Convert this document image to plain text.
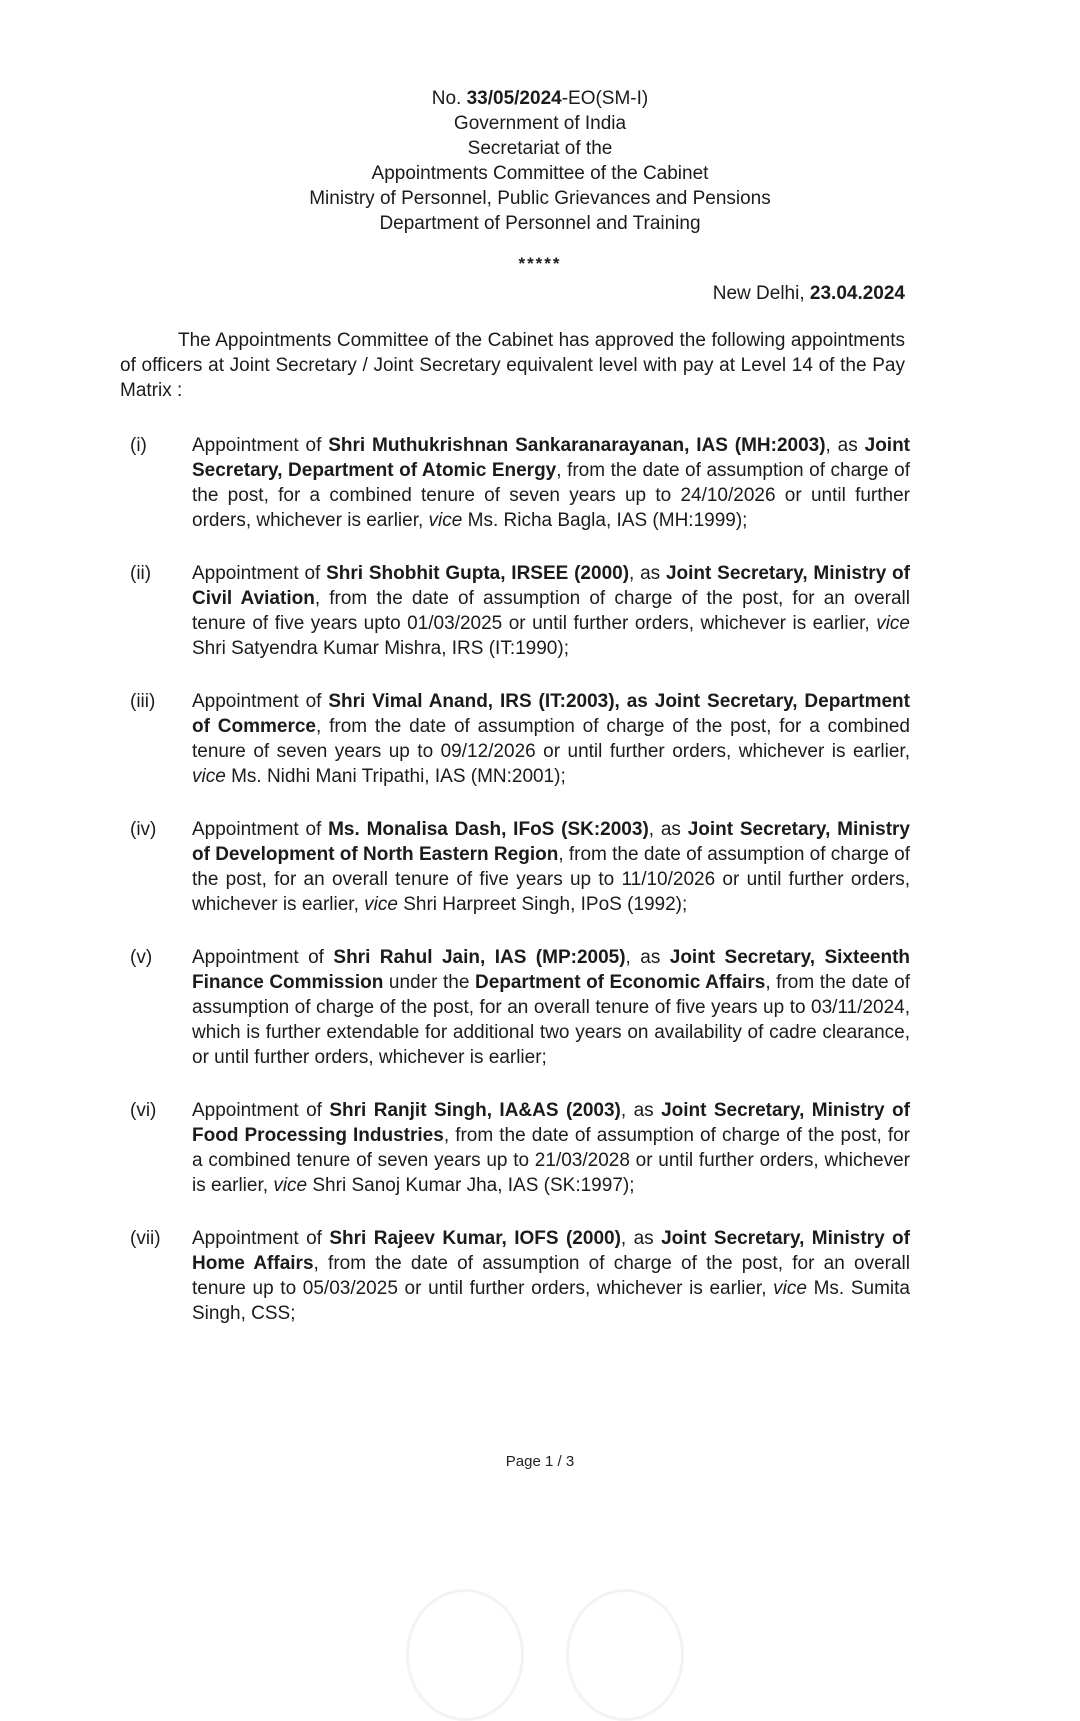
No. 33/05/2024-EO(SM-I)
Government of India
Secretariat of the
Appointments Committee of the Cabinet
Ministry of Personnel, Public Grievances and Pensions
Department of Personnel and Training
*****
New Delhi, 23.04.2024

The Appointments Committee of the Cabinet has approved the following appointments of officers at Joint Secretary / Joint Secretary equivalent level with pay at Level 14 of the Pay Matrix :

(i)	Appointment of Shri Muthukrishnan Sankaranarayanan, IAS (MH:2003), as Joint Secretary, Department of Atomic Energy, from the date of assumption of charge of the post, for a combined tenure of seven years up to 24/10/2026 or until further orders, whichever is earlier, vice Ms. Richa Bagla, IAS (MH:1999);
(ii)	Appointment of Shri Shobhit Gupta, IRSEE (2000), as Joint Secretary, Ministry of Civil Aviation, from the date of assumption of charge of the post, for an overall tenure of five years upto 01/03/2025 or until further orders, whichever is earlier, vice Shri Satyendra Kumar Mishra, IRS (IT:1990);
(iii)	Appointment of Shri Vimal Anand, IRS (IT:2003), as Joint Secretary, Department of Commerce, from the date of assumption of charge of the post, for a combined tenure of seven years up to 09/12/2026 or until further orders, whichever is earlier, vice Ms. Nidhi Mani Tripathi, IAS (MN:2001);
(iv)	Appointment of Ms. Monalisa Dash, IFoS (SK:2003), as Joint Secretary, Ministry of Development of North Eastern Region, from the date of assumption of charge of the post, for an overall tenure of five years up to 11/10/2026 or until further orders, whichever is earlier, vice Shri Harpreet Singh, IPoS (1992);
(v)	Appointment of Shri Rahul Jain, IAS (MP:2005), as Joint Secretary, Sixteenth Finance Commission under the Department of Economic Affairs, from the date of assumption of charge of the post, for an overall tenure of five years up to 03/11/2024, which is further extendable for additional two years on availability of cadre clearance, or until further orders, whichever is earlier;
(vi)	Appointment of Shri Ranjit Singh, IA&AS (2003), as Joint Secretary, Ministry of Food Processing Industries, from the date of assumption of charge of the post, for a combined tenure of seven years up to 21/03/2028 or until further orders, whichever is earlier, vice Shri Sanoj Kumar Jha, IAS (SK:1997);
(vii)	Appointment of Shri Rajeev Kumar, IOFS (2000), as Joint Secretary, Ministry of Home Affairs, from the date of assumption of charge of the post, for an overall tenure up to 05/03/2025 or until further orders, whichever is earlier, vice Ms. Sumita Singh, CSS;
Page 1 / 3
